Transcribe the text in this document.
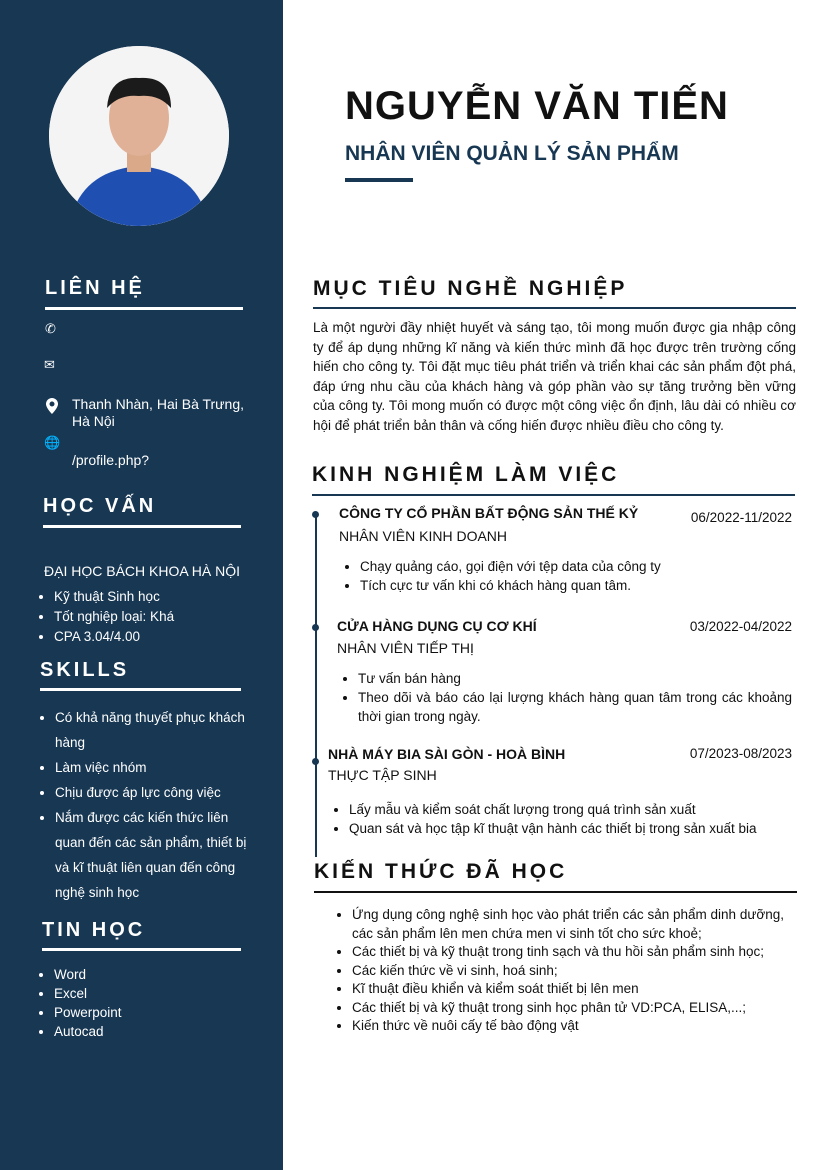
LIÊN HỆ
✆
✉
Thanh Nhàn, Hai Bà Trưng, Hà Nội
🌐
/profile.php?
HỌC VẤN
ĐẠI HỌC BÁCH KHOA HÀ NỘI
• Kỹ thuật Sinh học
• Tốt nghiệp loại: Khá
• CPA 3.04/4.00
SKILLS
• Có khả năng thuyết phục khách hàng
• Làm việc nhóm
• Chịu được áp lực công việc
• Nắm được các kiến thức liên quan đến các sản phẩm, thiết bị và kĩ thuật liên quan đến công nghệ sinh học
TIN HỌC
• Word
• Excel
• Powerpoint
• Autocad
NGUYỄN VĂN TIẾN
NHÂN VIÊN QUẢN LÝ SẢN PHẨM
MỤC TIÊU NGHỀ NGHIỆP
Là một người đầy nhiệt huyết và sáng tạo, tôi mong muốn được gia nhập công ty để áp dụng những kĩ năng và kiến thức mình đã học được trên trường cống hiến cho công ty. Tôi đặt mục tiêu phát triển và triển khai các sản phẩm đột phá, đáp ứng nhu cầu của khách hàng và góp phần vào sự tăng trưởng bền vững của công ty. Tôi mong muốn có được một công việc ổn định, lâu dài có nhiều cơ hội để phát triển bản thân và cống hiến được nhiều điều cho công ty.
KINH NGHIỆM LÀM VIỆC
CÔNG TY CỔ PHẦN BẤT ĐỘNG SẢN THẾ KỶ	06/2022-11/2022
NHÂN VIÊN KINH DOANH
• Chạy quảng cáo, gọi điện với tệp data của công ty
• Tích cực tư vấn khi có khách hàng quan tâm.
CỬA HÀNG DỤNG CỤ CƠ KHÍ	03/2022-04/2022
NHÂN VIÊN TIẾP THỊ
• Tư vấn bán hàng
• Theo dõi và báo cáo lại lượng khách hàng quan tâm trong các khoảng thời gian trong ngày.
NHÀ MÁY BIA SÀI GÒN - HOÀ BÌNH	07/2023-08/2023
THỰC TẬP SINH
• Lấy mẫu và kiểm soát chất lượng trong quá trình sản xuất
• Quan sát và học tập kĩ thuật vận hành các thiết bị trong sản xuất bia
KIẾN THỨC ĐÃ HỌC
• Ứng dụng công nghệ sinh học vào phát triển các sản phẩm dinh dưỡng, các sản phẩm lên men chứa men vi sinh tốt cho sức khoẻ;
• Các thiết bị và kỹ thuật trong tinh sạch và thu hồi sản phẩm sinh học;
• Các kiến thức về vi sinh, hoá sinh;
• Kĩ thuật điều khiển và kiểm soát thiết bị lên men
• Các thiết bị và kỹ thuật trong sinh học phân tử VD:PCA, ELISA,...;
• Kiến thức về nuôi cấy tế bào động vật
